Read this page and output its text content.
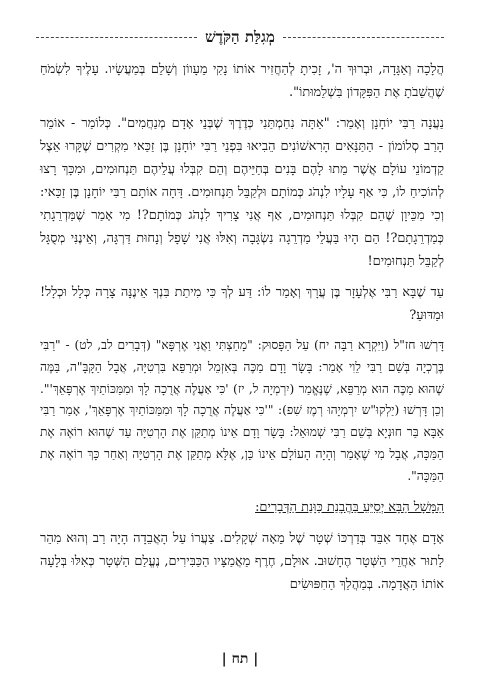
מְגִלַּת הַקֹּדֶשׁ

הֲלָכָה וְאַגָּדָה, וּבְרוּךְ ה', זָכִיתָ לְהַחֲזִיר אוֹתוֹ נָקִי מֵעָווֹן וְשָׁלֵם בְּמַעֲשָׂיו. עָלֶיךָ לִשְׂמֹחַ שֶׁהֲשֵׁבֹתָ אֶת הַפִּקָּדוֹן בִּשְׁלֵמוּתוֹ".

נַעֲנָה רַבִּי יוֹחָנָן וְאָמַר: "אַתָּה נִחַמְתַּנִי כְּדֶרֶךְ שֶׁבְּנֵי אָדָם מְנַחֲמִים". כְּלוֹמַר - אוֹמֵר הָרַב סְלוֹמוֹן - הַתַּנָּאִים הָרִאשׁוֹנִים הֵבִיאוּ בִּפְנֵי רַבִּי יוֹחָנָן בֶּן זַכַּאי מִקְרִים שֶׁקָּרוּ אֵצֶל קַדְמוֹנֵי עוֹלָם אֲשֶׁר מֵתוּ לָהֶם בָּנִים בְּחַיֵּיהֶם וְהֵם קִבְּלוּ עֲלֵיהֶם תַּנְחוּמִים, וּמִכָּךְ רָצוּ לְהוֹכִיחַ לוֹ, כִּי אַף עָלָיו לִנְהֹג כְּמוֹתָם וּלְקַבֵּל תַּנְחוּמִים. דָּחָה אוֹתָם רַבִּי יוֹחָנָן בֶּן זַכַּאי: וְכִי מִכֵּיוָן שֶׁהֵם קִבְּלוּ תַּנְחוּמִים, אַף אֲנִי צָרִיךְ לִנְהֹג כְּמוֹתָם?! מִי אָמַר שֶׁמַּדְרֵגָתִי כְּמַדְרֵגָתָם?! הֵם הָיוּ בַּעֲלֵי מַדְרֵגָה נִשְׂגָּבָה וְאִלּוּ אֲנִי שָׁפָל וְנָחוּת דַּרְגָּה, וְאֵינֶנִּי מְסֻגָּל לְקַבֵּל תַּנְחוּמִים!

עַד שֶׁבָּא רַבִּי אֶלְעָזָר בֶּן עֲרָךְ וְאָמַר לוֹ: דַּע לְךָ כִּי מִיתַת בִּנְךָ אֵינֶנָּה צָרָה כְּלָל וּכְלָל! וּמַדּוּעַ?

דָּרְשׁוּ חז"ל (וַיִּקְרָא רַבָּה יח) עַל הַפָּסוּק: "מָחַצְתִּי וַאֲנִי אֶרְפָּא" (דְּבָרִים לב, לט) - "רַבִּי בֶּרֶכְיָה בְּשֵׁם רַבִּי לֵוִי אָמַר: בָּשָׂר וָדָם מַכֶּה בְּאִזְמֵל וּמְרַפֵּא בִּרְטִיָּה, אֲבָל הַקָּבָּ"ה, בַּמֶּה שֶׁהוּא מַכֶּה הוּא מְרַפֵּא, שֶׁנֶּאֱמַר (יִרְמְיָה ל, יז) 'כִּי אַעֲלֶה אֲרֻכָה לָךְ וּמִמַּכּוֹתַיִךְ אֶרְפָּאֵךְ'". וְכֵן דָּרְשׁוּ (יַלְקוּ"ש יִרְמְיָהוּ רְמֶז שִׁפ): "'כִּי אַעֲלֶה אֲרֻכָה לָךְ וּמִמַּכּוֹתַיִךְ אֶרְפָּאֵךְ', אָמַר רַבִּי אַבָּא בַּר חוּנְיָא בְּשֵׁם רַבִּי שְׁמוּאֵל: בָּשָׂר וָדָם אֵינוֹ מְתַקֵּן אֶת הָרְטִיָּה עַד שֶׁהוּא רוֹאֶה אֶת הַמַּכָּה, אֲבָל מִי שֶׁאָמַר וְהָיָה הָעוֹלָם אֵינוֹ כֵּן, אֶלָּא מְתַקֵּן אֶת הָרְטִיָּה וְאַחַר כָּךְ רוֹאֶה אֶת הַמַּכָּה".

הַמָּשָׁל הַבָּא יְסַיֵּעַ בַּהֲבָנַת כַּוָּנַת הַדְּבָרִים:

אָדָם אֶחָד אִבֵּד בְּדַרְכּוֹ שְׁטָר שֶׁל מֵאָה שְׁקָלִים. צַעֲרוֹ עַל הָאֲבֵדָה הָיָה רַב וְהוּא מִהֵר לָתוּר אַחֲרֵי הַשְּׁטָר הֶחָשׁוּב. אוּלָם, חֶרֶף מַאֲמַצָּיו הַכַּבִּירִים, נֶעֱלַם הַשְּׁטָר כְּאִלּוּ בְּלָעָה אוֹתוֹ הָאֲדָמָה. בְּמַהֲלַךְ הַחִפּוּשִׂים

| תח |
